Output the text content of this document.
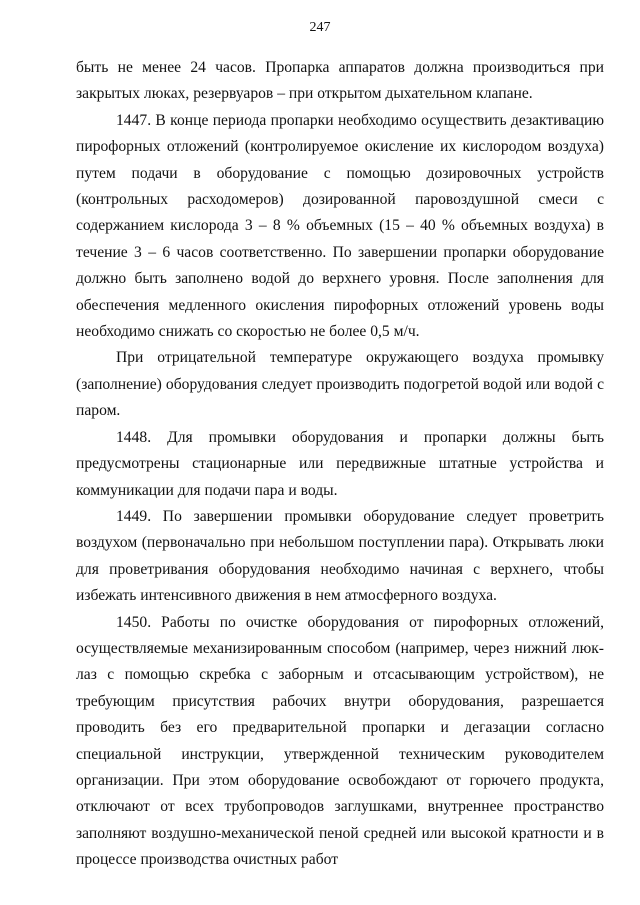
247

быть не менее 24 часов. Пропарка аппаратов должна производиться при закрытых люках, резервуаров – при открытом дыхательном клапане.

1447. В конце периода пропарки необходимо осуществить дезактивацию пирофорных отложений (контролируемое окисление их кислородом воздуха) путем подачи в оборудование с помощью дозировочных устройств (контрольных расходомеров) дозированной паровоздушной смеси с содержанием кислорода 3 – 8 % объемных (15 – 40 % объемных воздуха) в течение 3 – 6 часов соответственно. По завершении пропарки оборудование должно быть заполнено водой до верхнего уровня. После заполнения для обеспечения медленного окисления пирофорных отложений уровень воды необходимо снижать со скоростью не более 0,5 м/ч.

При отрицательной температуре окружающего воздуха промывку (заполнение) оборудования следует производить подогретой водой или водой с паром.

1448. Для промывки оборудования и пропарки должны быть предусмотрены стационарные или передвижные штатные устройства и коммуникации для подачи пара и воды.

1449. По завершении промывки оборудование следует проветрить воздухом (первоначально при небольшом поступлении пара). Открывать люки для проветривания оборудования необходимо начиная с верхнего, чтобы избежать интенсивного движения в нем атмосферного воздуха.

1450. Работы по очистке оборудования от пирофорных отложений, осуществляемые механизированным способом (например, через нижний люк-лаз с помощью скребка с заборным и отсасывающим устройством), не требующим присутствия рабочих внутри оборудования, разрешается проводить без его предварительной пропарки и дегазации согласно специальной инструкции, утвержденной техническим руководителем организации. При этом оборудование освобождают от горючего продукта, отключают от всех трубопроводов заглушками, внутреннее пространство заполняют воздушно-механической пеной средней или высокой кратности и в процессе производства очистных работ
